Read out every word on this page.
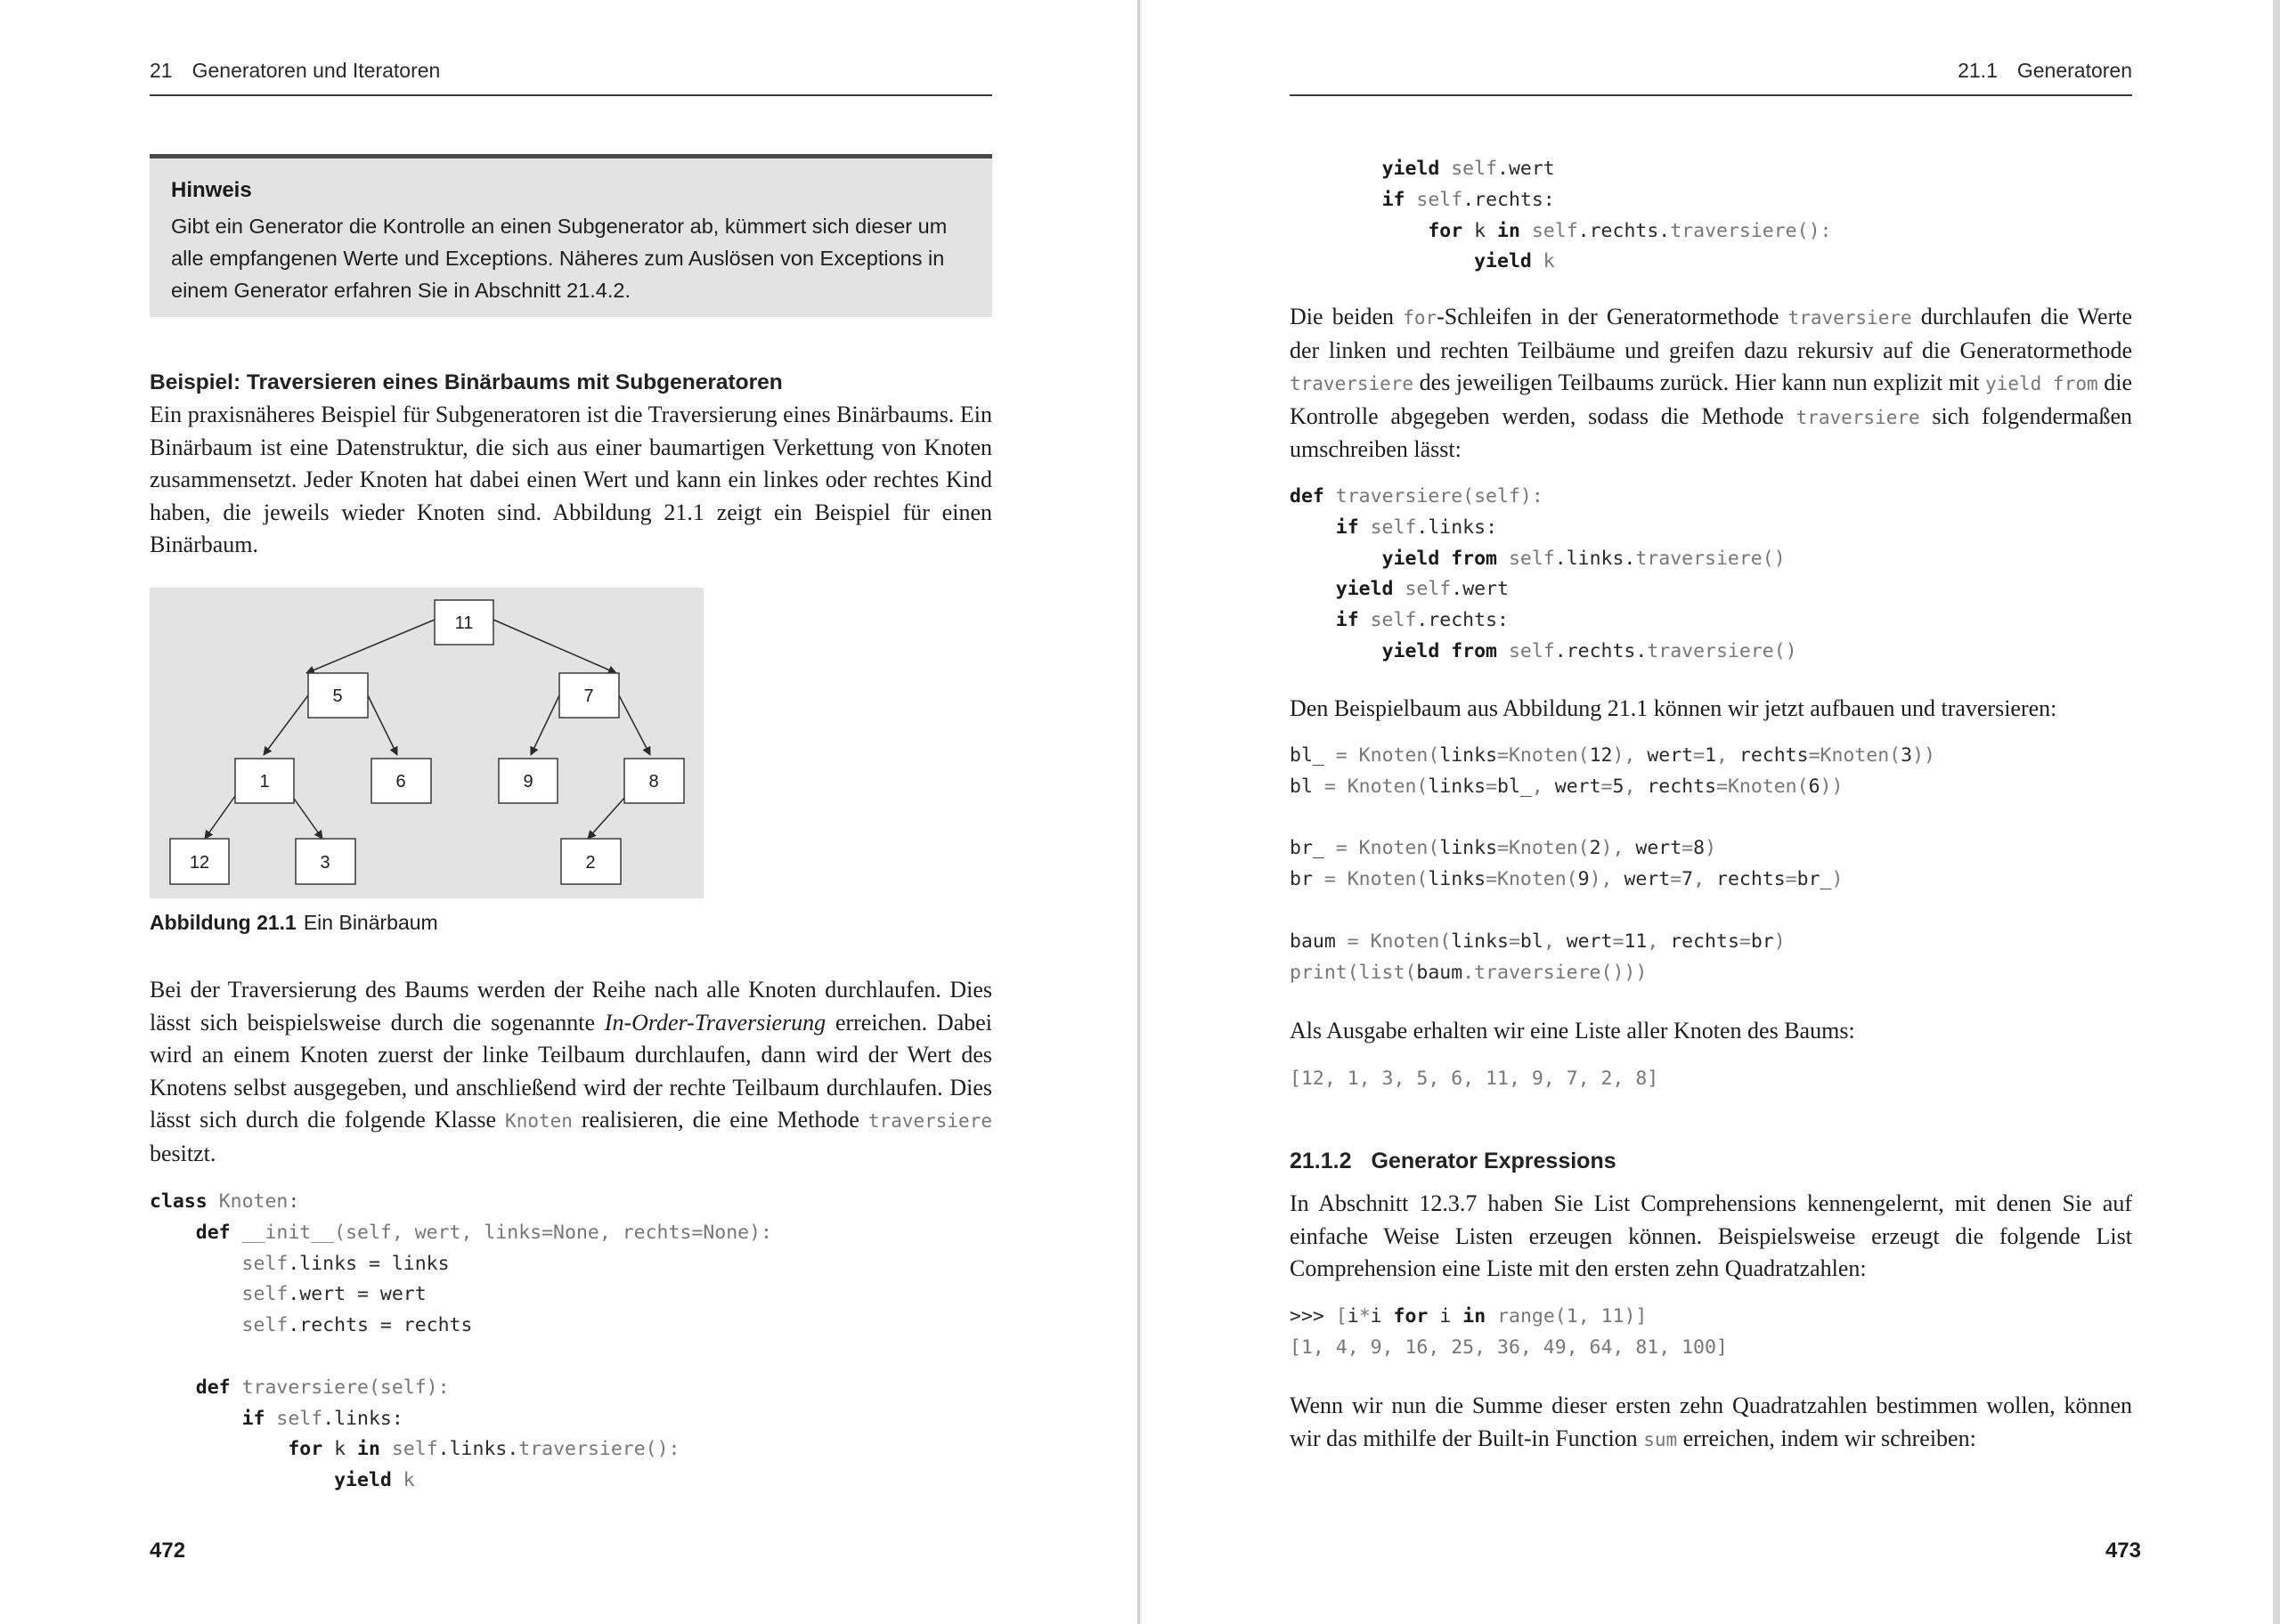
21 Generatoren und Iteratoren

Hinweis

Gibt ein Generator die Kontrolle an einen Subgenerator ab, kümmert sich dieser um alle empfangenen Werte und Exceptions. Näheres zum Auslösen von Exceptions in einem Generator erfahren Sie in Abschnitt 21.4.2.

Beispiel: Traversieren eines Binärbaums mit Subgeneratoren

Ein praxisnäheres Beispiel für Subgeneratoren ist die Traversierung eines Binärbaums. Ein Binärbaum ist eine Datenstruktur, die sich aus einer baumartigen Verkettung von Knoten zusammensetzt. Jeder Knoten hat dabei einen Wert und kann ein linkes oder rechtes Kind haben, die jeweils wieder Knoten sind. Abbildung 21.1 zeigt ein Beispiel für einen Binärbaum.

11
5	7
1	6	9	8
12	3	2
Abbildung 21.1 Ein Binärbaum

Bei der Traversierung des Baums werden der Reihe nach alle Knoten durchlaufen. Dies lässt sich beispielsweise durch die sogenannte In-Order-Traversierung erreichen. Dabei wird an einem Knoten zuerst der linke Teilbaum durchlaufen, dann wird der Wert des Knotens selbst ausgegeben, und anschließend wird der rechte Teilbaum durchlaufen. Dies lässt sich durch die folgende Klasse Knoten realisieren, die eine Methode traversiere besitzt.

class Knoten:
def __init__(self, wert, links=None, rechts=None):
self.links = links
self.wert = wert
self.rechts = rechts

def traversiere(self):
if self.links:
for k in self.links.traversiere():
yield k
472
21.1 Generatoren
yield self.wert
if self.rechts:
for k in self.rechts.traversiere():
yield k

Die beiden for-Schleifen in der Generatormethode traversiere durchlaufen die Werte der linken und rechten Teilbäume und greifen dazu rekursiv auf die Generatormethode traversiere des jeweiligen Teilbaums zurück. Hier kann nun explizit mit yield from die Kontrolle abgegeben werden, sodass die Methode traversiere sich folgendermaßen umschreiben lässt:

def traversiere(self):
if self.links:
yield from self.links.traversiere()
yield self.wert
if self.rechts:
yield from self.rechts.traversiere()

Den Beispielbaum aus Abbildung 21.1 können wir jetzt aufbauen und traversieren:

bl_ = Knoten(links=Knoten(12), wert=1, rechts=Knoten(3))
bl = Knoten(links=bl_, wert=5, rechts=Knoten(6))

br_ = Knoten(links=Knoten(2), wert=8)
br = Knoten(links=Knoten(9), wert=7, rechts=br_)

baum = Knoten(links=bl, wert=11, rechts=br)
print(list(baum.traversiere()))

Als Ausgabe erhalten wir eine Liste aller Knoten des Baums:

[12, 1, 3, 5, 6, 11, 9, 7, 2, 8]

21.1.2 Generator Expressions

In Abschnitt 12.3.7 haben Sie List Comprehensions kennengelernt, mit denen Sie auf einfache Weise Listen erzeugen können. Beispielsweise erzeugt die folgende List Comprehension eine Liste mit den ersten zehn Quadratzahlen:

>>> [i*i for i in range(1, 11)]
[1, 4, 9, 16, 25, 36, 49, 64, 81, 100]

Wenn wir nun die Summe dieser ersten zehn Quadratzahlen bestimmen wollen, können wir das mithilfe der Built-in Function sum erreichen, indem wir schreiben:

473
